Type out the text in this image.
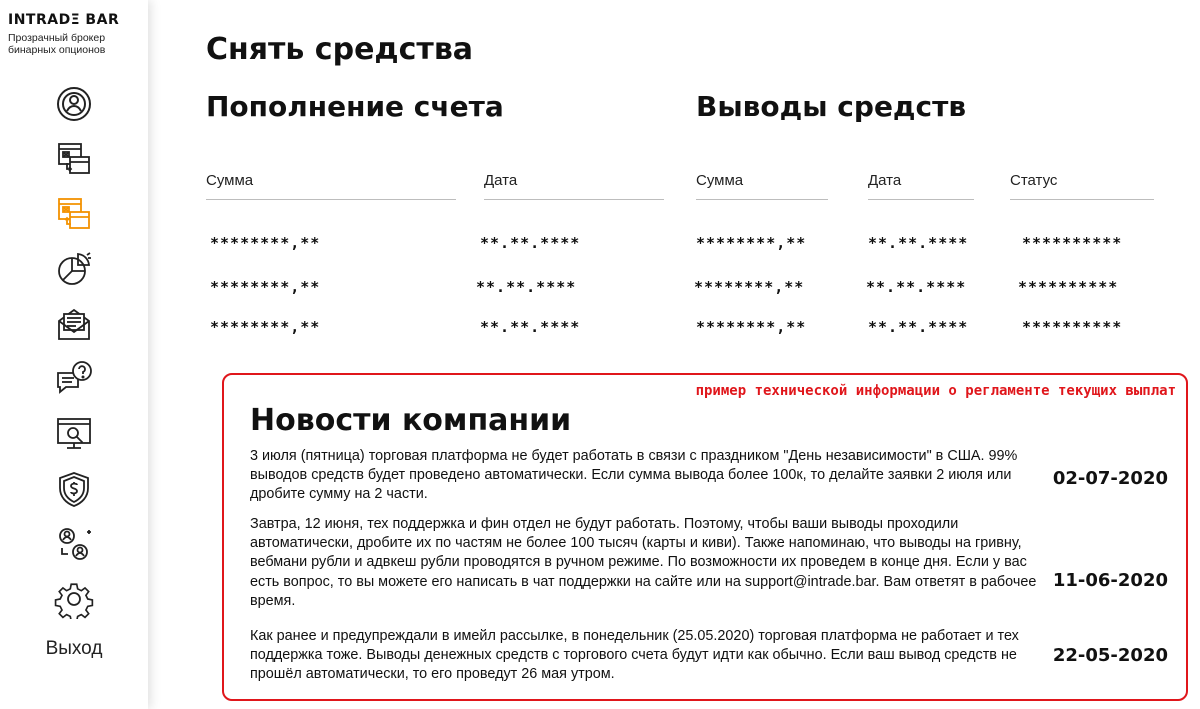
INTRADΞ BAR
Прозрачный брокер бинарных опционов
Выход
Снять средства
Пополнение счета	Выводы средств
Сумма	Дата	Сумма	Дата	Статус
********,**	**.**.****
********,**	**.**.****
********,**	**.**.****
********,**	**.**.****	**********
********,**	**.**.****	**********
********,**	**.**.****	**********
пример технической информации о регламенте текущих выплат
Новости компании
3 июля (пятница) торговая платформа не будет работать в связи с праздником "День независимости" в США. 99% выводов средств будет проведено автоматически. Если сумма вывода более 100к, то делайте заявки 2 июля или дробите сумму на 2 части.
02-07-2020
Завтра, 12 июня, тех поддержка и фин отдел не будут работать. Поэтому, чтобы ваши выводы проходили автоматически, дробите их по частям не более 100 тысяч (карты и киви). Также напоминаю, что выводы на гривну, вебмани рубли и адвкеш рубли проводятся в ручном режиме. По возможности их проведем в конце дня. Если у вас есть вопрос, то вы можете его написать в чат поддержки на сайте или на support@intrade.bar. Вам ответят в рабочее время.
11-06-2020
Как ранее и предупреждали в имейл рассылке, в понедельник (25.05.2020) торговая платформа не работает и тех поддержка тоже. Выводы денежных средств с торгового счета будут идти как обычно. Если ваш вывод средств не прошёл автоматически, то его проведут 26 мая утром.
22-05-2020
